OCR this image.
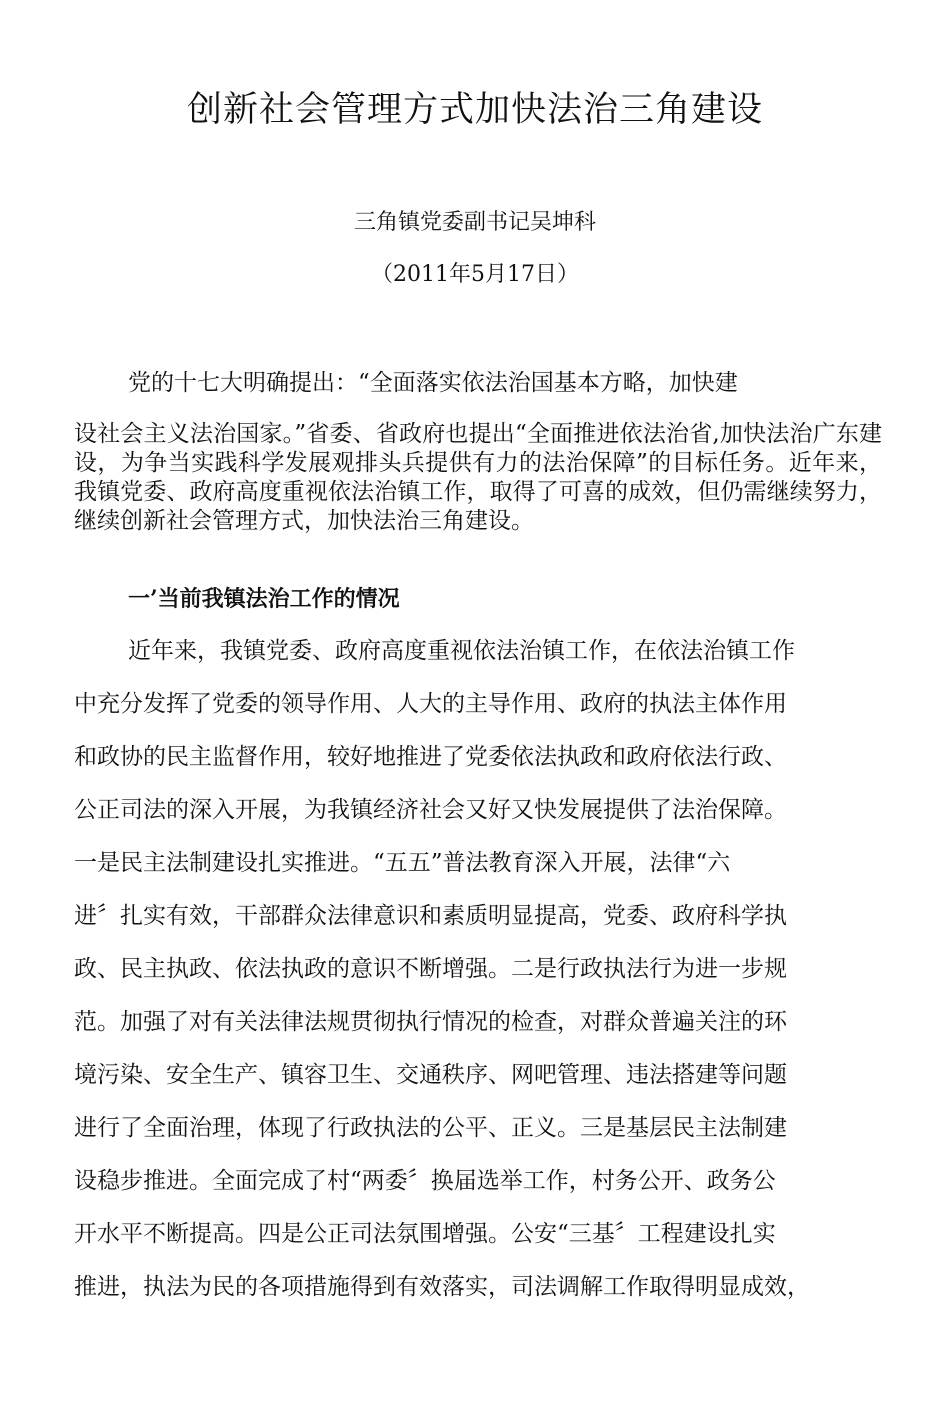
创新社会管理方式加快法治三角建设
三角镇党委副书记吴坤科
（2011年5月17日）
党的十七大明确提出：“全面落实依法治国基本方略，加快建

设社会主义法治国家。”省委、省政府也提出“全面推进依法治省,加快法治广东建设，为争当实践科学发展观排头兵提供有力的法治保障”的目标任务。近年来，我镇党委、政府高度重视依法治镇工作，取得了可喜的成效，但仍需继续努力，继续创新社会管理方式，加快法治三角建设。

一’当前我镇法治工作的情况
近年来，我镇党委、政府高度重视依法治镇工作，在依法治镇工作
中充分发挥了党委的领导作用、人大的主导作用、政府的执法主体作用
和政协的民主监督作用，较好地推进了党委依法执政和政府依法行政、
公正司法的深入开展，为我镇经济社会又好又快发展提供了法治保障。
一是民主法制建设扎实推进。“五五”普法教育深入开展，法律“六
进〞扎实有效，干部群众法律意识和素质明显提高，党委、政府科学执
政、民主执政、依法执政的意识不断增强。二是行政执法行为进一步规
范。加强了对有关法律法规贯彻执行情况的检查，对群众普遍关注的环
境污染、安全生产、镇容卫生、交通秩序、网吧管理、违法搭建等问题
进行了全面治理，体现了行政执法的公平、正义。三是基层民主法制建
设稳步推进。全面完成了村“两委〞换届选举工作，村务公开、政务公
开水平不断提高。四是公正司法氛围增强。公安“三基〞工程建设扎实
推进，执法为民的各项措施得到有效落实，司法调解工作取得明显成效，
